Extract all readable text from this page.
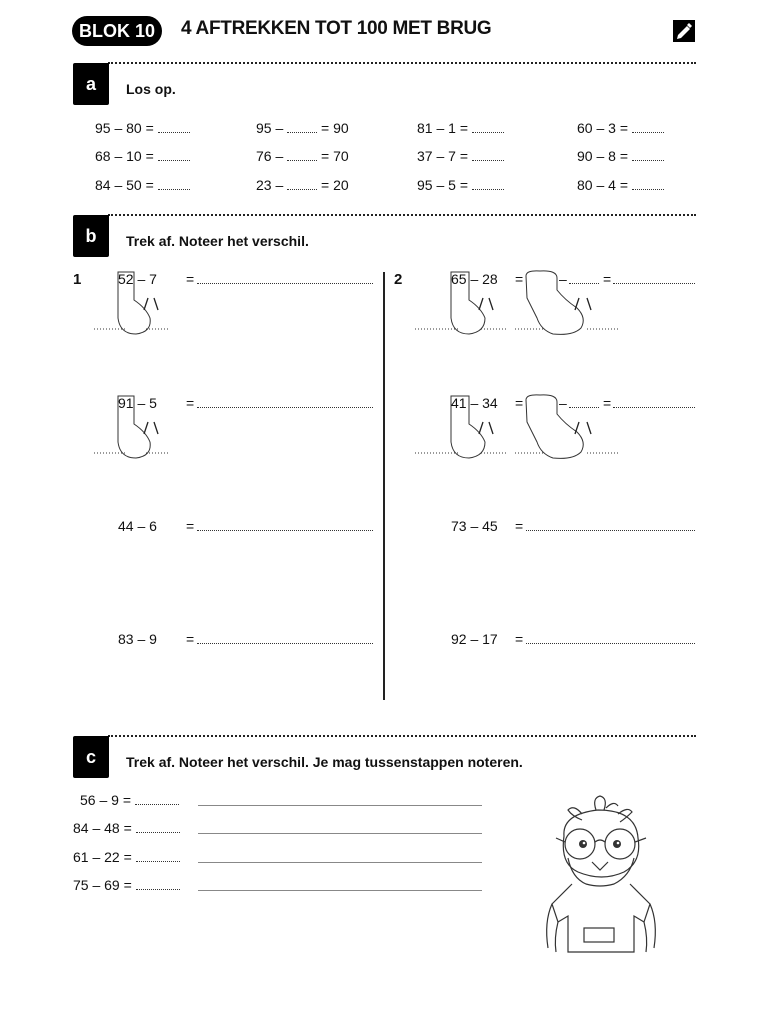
BLOK 10	4 AFTREKKEN TOT 100 MET BRUG
a	Los op.
95 – 80 =	95 –	= 90	81 – 1 =	60 – 3 =
68 – 10 =	76 –	= 70	37 – 7 =	90 – 8 =
84 – 50 =	23 –	= 20	95 – 5 =	80 – 4 =
b	Trek af. Noteer het verschil.
1	2
52 – 7 =
91 – 5 =
44 – 6 =
83 – 9 =
65 – 28 =	–	=
41 – 34 =	–	=
73 – 45 =
92 – 17 =
c	Trek af. Noteer het verschil. Je mag tussenstappen noteren.
56 – 9 =
84 – 48 =
61 – 22 =
75 – 69 =
